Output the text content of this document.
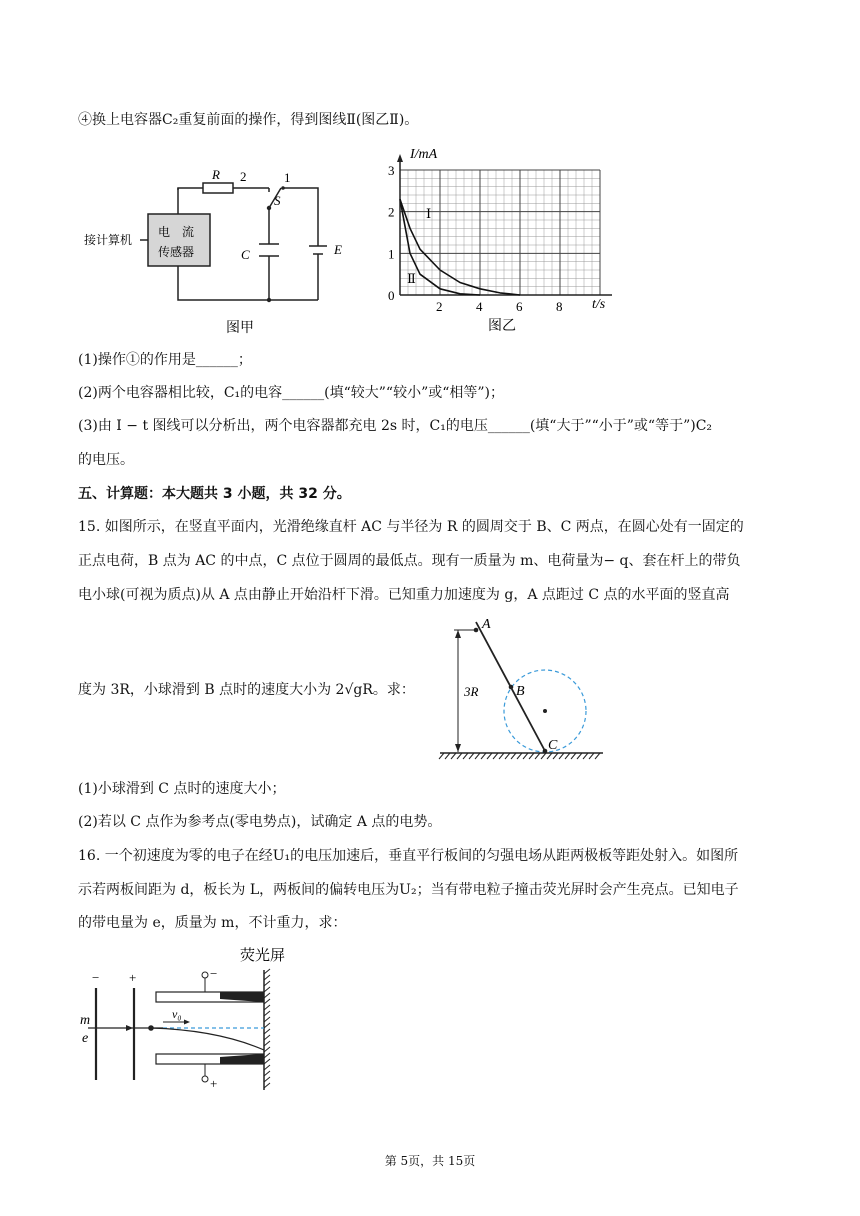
④换上电容器C₂重复前面的操作，得到图线Ⅱ(图乙Ⅱ)。
R 2	1
S
C	E
接计算机
电　流
传感器
图甲
0
1
2
3
2	4	6	8
I/mA
t/s
Ⅰ
Ⅱ
图乙
(1)操作①的作用是______；
(2)两个电容器相比较，C₁的电容______(填“较大”“较小”或“相等”)；
(3)由 I − t 图线可以分析出，两个电容器都充电 2s 时，C₁的电压______(填“大于”“小于”或“等于”)C₂
的电压。
五、计算题：本大题共 3 小题，共 32 分。
15. 如图所示，在竖直平面内，光滑绝缘直杆 AC 与半径为 R 的圆周交于 B、C 两点，在圆心处有一固定的
正点电荷，B 点为 AC 的中点，C 点位于圆周的最低点。现有一质量为 m、电荷量为− q、套在杆上的带负
电小球(可视为质点)从 A 点由静止开始沿杆下滑。已知重力加速度为 g，A 点距过 C 点的水平面的竖直高
度为 3R，小球滑到 B 点时的速度大小为 2√gR。求：
A
B
C
3R
(1)小球滑到 C 点时的速度大小；
(2)若以 C 点作为参考点(零电势点)，试确定 A 点的电势。
16. 一个初速度为零的电子在经U₁的电压加速后，垂直平行板间的匀强电场从距两极板等距处射入。如图所
示若两板间距为 d，板长为 L，两板间的偏转电压为U₂；当有带电粒子撞击荧光屏时会产生亮点。已知电子
的带电量为 e，质量为 m，不计重力，求：
荧光屏
− +	−
+
v₀
m
e
第 5页，共 15页
